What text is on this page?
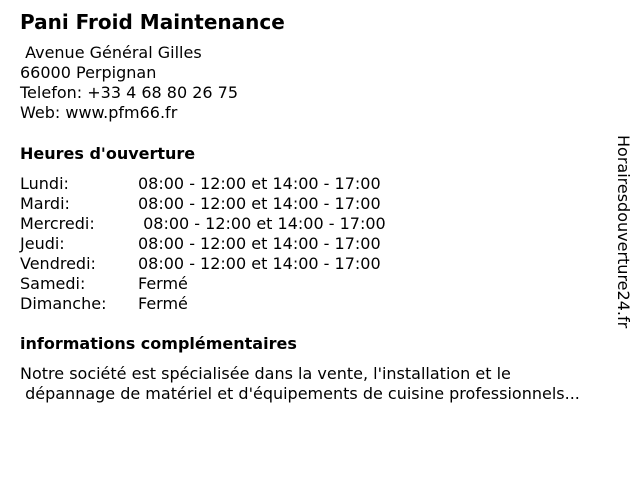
Pani Froid Maintenance
Avenue Général Gilles
66000 Perpignan
Telefon: +33 4 68 80 26 75
Web: www.pfm66.fr
Heures d'ouverture
Lundi:	08:00 - 12:00 et 14:00 - 17:00
Mardi:	08:00 - 12:00 et 14:00 - 17:00
Mercredi:	08:00 - 12:00 et 14:00 - 17:00
Jeudi:	08:00 - 12:00 et 14:00 - 17:00
Vendredi:	08:00 - 12:00 et 14:00 - 17:00
Samedi:	Fermé
Dimanche: Fermé
informations complémentaires
Notre société est spécialisée dans la vente, l'installation et le
dépannage de matériel et d'équipements de cuisine professionnels...
Horairesdouverture24.fr
